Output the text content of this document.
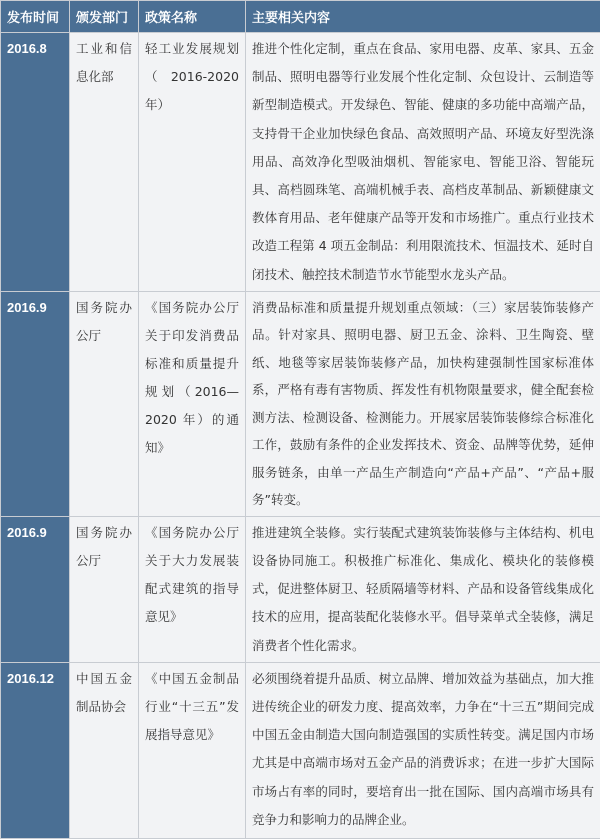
发布时间	颁发部门	政策名称	主要相关内容
2016.8	工业和信息化部	轻工业发展规划（2016-2020 年）	推进个性化定制，重点在食品、家用电器、皮革、家具、五金制品、照明电器等行业发展个性化定制、众包设计、云制造等新型制造模式。开发绿色、智能、健康的多功能中高端产品，支持骨干企业加快绿色食品、高效照明产品、环境友好型洗涤用品、高效净化型吸油烟机、智能家电、智能卫浴、智能玩具、高档圆珠笔、高端机械手表、高档皮革制品、新颖健康文教体育用品、老年健康产品等开发和市场推广。重点行业技术改造工程第 4 项五金制品：利用限流技术、恒温技术、延时自闭技术、触控技术制造节水节能型水龙头产品。
2016.9	国务院办公厅	《国务院办公厅关于印发消费品标准和质量提升规划（2016—2020 年）的通知》	消费品标准和质量提升规划重点领域：（三）家居装饰装修产品。针对家具、照明电器、厨卫五金、涂料、卫生陶瓷、壁纸、地毯等家居装饰装修产品，加快构建强制性国家标准体系，严格有毒有害物质、挥发性有机物限量要求，健全配套检测方法、检测设备、检测能力。开展家居装饰装修综合标准化工作，鼓励有条件的企业发挥技术、资金、品牌等优势，延伸服务链条，由单一产品生产制造向“产品+产品”、“产品+服务”转变。
2016.9	国务院办公厅	《国务院办公厅关于大力发展装配式建筑的指导意见》	推进建筑全装修。实行装配式建筑装饰装修与主体结构、机电设备协同施工。积极推广标准化、集成化、模块化的装修模式，促进整体厨卫、轻质隔墙等材料、产品和设备管线集成化技术的应用，提高装配化装修水平。倡导菜单式全装修，满足消费者个性化需求。
2016.12	中国五金制品协会	《中国五金制品行业“十三五”发展指导意见》	必须围绕着提升品质、树立品牌、增加效益为基础点，加大推进传统企业的研发力度、提高效率，力争在“十三五”期间完成中国五金由制造大国向制造强国的实质性转变。满足国内市场尤其是中高端市场对五金产品的消费诉求；在进一步扩大国际市场占有率的同时，要培育出一批在国际、国内高端市场具有竞争力和影响力的品牌企业。
